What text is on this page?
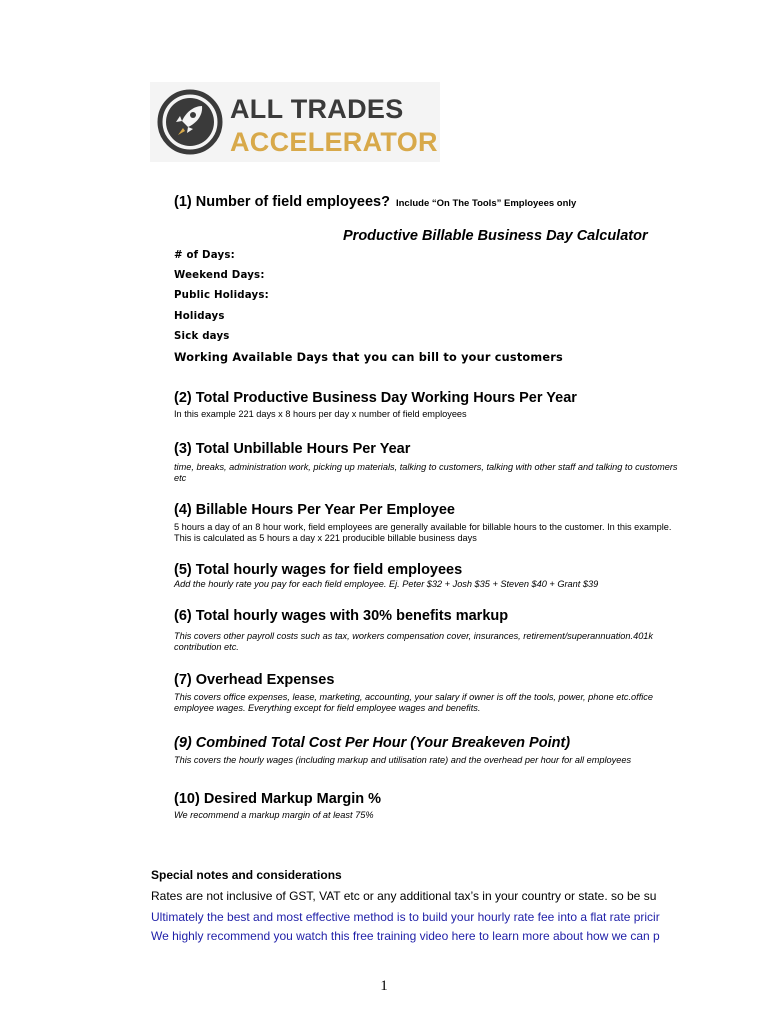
ALL TRADES
ACCELERATOR
(1) Number of field employees? Include “On The Tools” Employees only
Productive Billable Business Day Calculator
# of Days:
Weekend Days:
Public Holidays:
Holidays
Sick days
Working Available Days that you can bill to your customers
(2) Total Productive Business Day Working Hours Per Year
In this example 221 days x 8 hours per day x number of field employees
(3) Total Unbillable Hours Per Year
time, breaks, administration work, picking up materials, talking to customers, talking with other staff and talking to customers etc
(4) Billable Hours Per Year Per Employee
5 hours a day of an 8 hour work, field employees are generally available for billable hours to the customer. In this example. This is calculated as 5 hours a day x 221 producible billable business days
(5) Total hourly wages for field employees
Add the hourly rate you pay for each field employee. Ej. Peter $32 + Josh $35 + Steven $40 + Grant $39
(6) Total hourly wages with 30% benefits markup
This covers other payroll costs such as tax, workers compensation cover, insurances, retirement/superannuation.401k contribution etc.
(7) Overhead Expenses
This covers office expenses, lease, marketing, accounting, your salary if owner is off the tools, power, phone etc.office employee wages. Everything except for field employee wages and benefits.
(9) Combined Total Cost Per Hour (Your Breakeven Point)
This covers the hourly wages (including markup and utilisation rate) and the overhead per hour for all employees
(10) Desired Markup Margin %
We recommend a markup margin of at least 75%
Special notes and considerations
Rates are not inclusive of GST, VAT etc or any additional tax’s in your country or state. so be su
Ultimately the best and most effective method is to build your hourly rate fee into a flat rate pricir
We highly recommend you watch this free training video here to learn more about how we can p
1
